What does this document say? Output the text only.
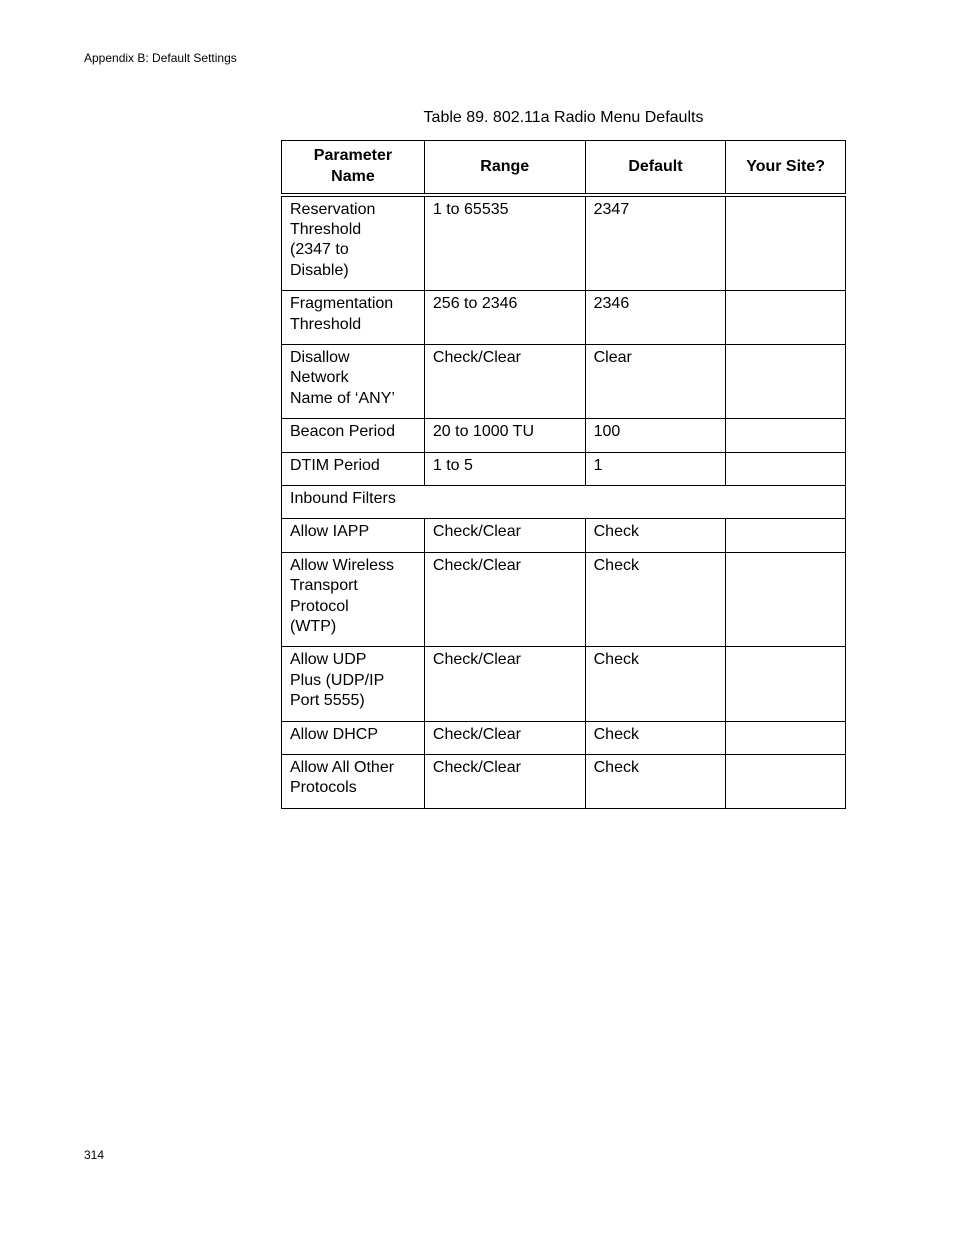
Appendix B: Default Settings
Table 89. 802.11a Radio Menu Defaults
Parameter
Name	Range	Default	Your Site?
Reservation
Threshold
(2347 to
Disable)	1 to 65535	2347	
Fragmentation
Threshold	256 to 2346	2346	
Disallow
Network
Name of ‘ANY’	Check/Clear	Clear	
Beacon Period	20 to 1000 TU	100	
DTIM Period	1 to 5	1	
Inbound Filters			
Allow IAPP	Check/Clear	Check	
Allow Wireless
Transport
Protocol
(WTP)	Check/Clear	Check	
Allow UDP
Plus (UDP/IP
Port 5555)	Check/Clear	Check	
Allow DHCP	Check/Clear	Check	
Allow All Other
Protocols	Check/Clear	Check	
314
